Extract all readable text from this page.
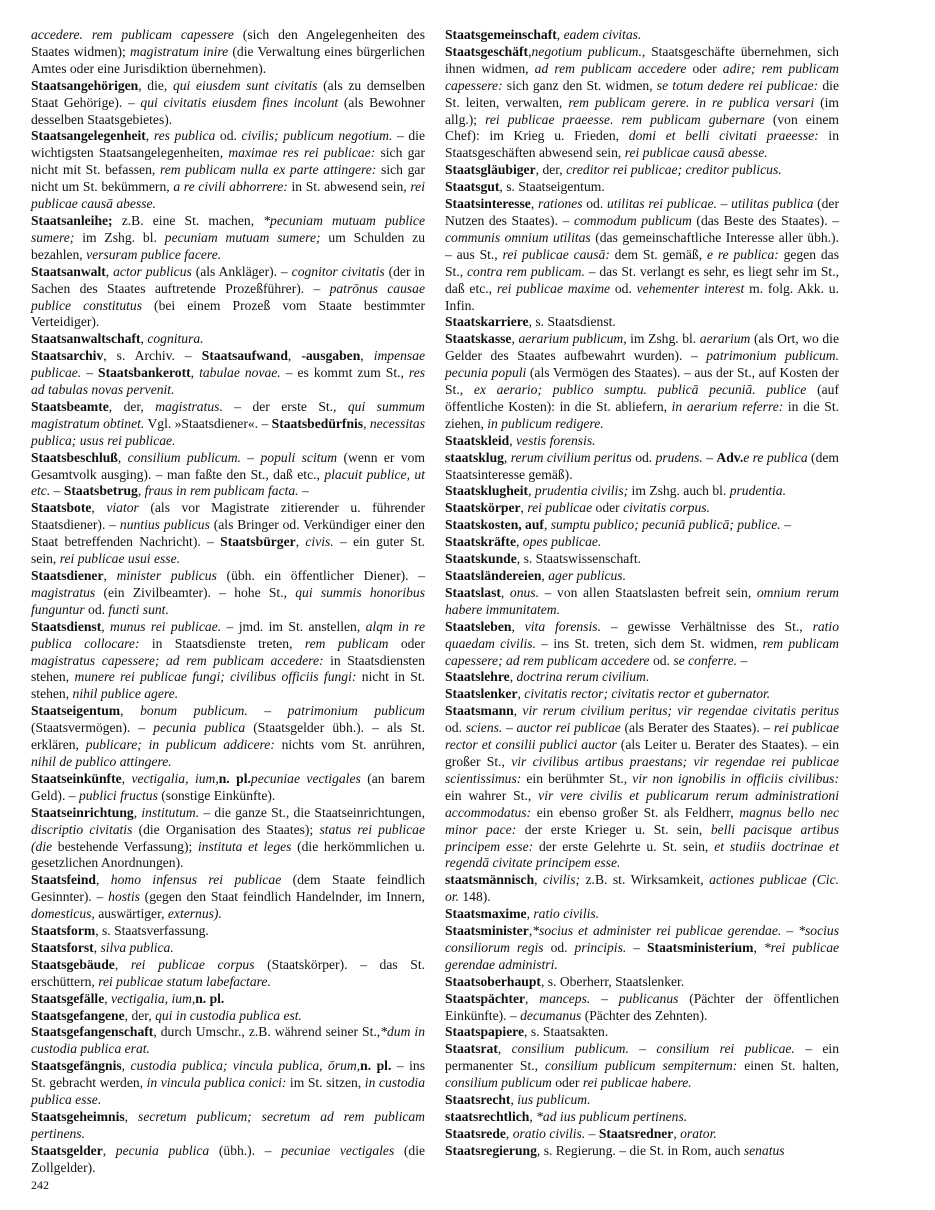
accedere. rem publicam capessere (sich den Angelegenheiten des Staates widmen); magistratum inire (die Verwaltung eines bürgerlichen Amtes oder eine Jurisdiktion übernehmen).

Staatsangehörigen, die, qui eiusdem sunt civitatis (als zu demselben Staat Gehörige). – qui civitatis eiusdem fines incolunt (als Bewohner desselben Staatsgebietes).

Staatsangelegenheit, res publica od. civilis; publicum negotium. – die wichtigsten Staatsangelegenheiten, maximae res rei publicae: sich gar nicht mit St. befassen, rem publicam nulla ex parte attingere: sich gar nicht um St. bekümmern, a re civili abhorrere: in St. abwesend sein, rei publicae causā abesse.

Staatsanleihe; z.B. eine St. machen, *pecuniam mutuam publice sumere; im Zshg. bl. pecuniam mutuam sumere; um Schulden zu bezahlen, versuram publice facere.

Staatsanwalt, actor publicus (als Ankläger). – cognitor civitatis (der in Sachen des Staates auftretende Prozeßführer). – patrōnus causae publice constitutus (bei einem Prozeß vom Staate bestimmter Verteidiger).

Staatsanwaltschaft, cognitura.

Staatsarchiv, s. Archiv. – Staatsaufwand, -ausgaben, impensae publicae. – Staatsbankerott, tabulae novae. – es kommt zum St., res ad tabulas novas pervenit.

Staatsbeamte, der, magistratus. – der erste St., qui summum magistratum obtinet. Vgl. »Staatsdiener«. – Staatsbedürfnis, necessitas publica; usus rei publicae.

Staatsbeschluß, consilium publicum. – populi scitum (wenn er vom Gesamtvolk ausging). – man faßte den St., daß etc., placuit publice, ut etc. – Staatsbetrug, fraus in rem publicam facta. –

Staatsbote, viator (als vor Magistrate zitierender u. führender Staatsdiener). – nuntius publicus (als Bringer od. Verkündiger einer den Staat betreffenden Nachricht). – Staatsbürger, civis. – ein guter St. sein, rei publicae usui esse.

Staatsdiener, minister publicus (übh. ein öffentlicher Diener). – magistratus (ein Zivilbeamter). – hohe St., qui summis honoribus funguntur od. functi sunt.

Staatsdienst, munus rei publicae. – jmd. im St. anstellen, alqm in re publica collocare: in Staatsdienste treten, rem publicam oder magistratus capessere; ad rem publicam accedere: in Staatsdiensten stehen, munere rei publicae fungi; civilibus officiis fungi: nicht in St. stehen, nihil publice agere.

Staatseigentum, bonum publicum. – patrimonium publicum (Staatsvermögen). – pecunia publica (Staatsgelder übh.). – als St. erklären, publicare; in publicum addicere: nichts vom St. anrühren, nihil de publico attingere.

Staatseinkünfte, vectigalia, ium,n. pl.pecuniae vectigales (an barem Geld). – publici fructus (sonstige Einkünfte).

Staatseinrichtung, institutum. – die ganze St., die Staatseinrichtungen, discriptio civitatis (die Organisation des Staates); status rei publicae (die bestehende Verfassung); instituta et leges (die herkömmlichen u. gesetzlichen Anordnungen).

Staatsfeind, homo infensus rei publicae (dem Staate feindlich Gesinnter). – hostis (gegen den Staat feindlich Handelnder, im Innern, domesticus, auswärtiger, externus).

Staatsform, s. Staatsverfassung.

Staatsforst, silva publica.

Staatsgebäude, rei publicae corpus (Staatskörper). – das St. erschüttern, rei publicae statum labefactare.

Staatsgefälle, vectigalia, ium,n. pl.

Staatsgefangene, der, qui in custodia publica est.

Staatsgefangenschaft, durch Umschr., z.B. während seiner St.,*dum in custodia publica erat.

Staatsgefängnis, custodia publica; vincula publica, ōrum,n. pl. – ins St. gebracht werden, in vincula publica conici: im St. sitzen, in custodia publica esse.

Staatsgeheimnis, secretum publicum; secretum ad rem publicam pertinens.

Staatsgelder, pecunia publica (übh.). – pecuniae vectigales (die Zollgelder).

Staatsgemeinschaft, eadem civitas.

Staatsgeschäft,negotium publicum., Staatsgeschäfte übernehmen, sich ihnen widmen, ad rem publicam accedere oder adire; rem publicam capessere: sich ganz den St. widmen, se totum dedere rei publicae: die St. leiten, verwalten, rem publicam gerere. in re publica versari (im allg.); rei publicae praeesse. rem publicam gubernare (von einem Chef): im Krieg u. Frieden, domi et belli civitati praeesse: in Staatsgeschäften abwesend sein, rei publicae causā abesse.

Staatsgläubiger, der, creditor rei publicae; creditor publicus.

Staatsgut, s. Staatseigentum.

Staatsinteresse, rationes od. utilitas rei publicae. – utilitas publica (der Nutzen des Staates). – commodum publicum (das Beste des Staates). – communis omnium utilitas (das gemeinschaftliche Interesse aller übh.). – aus St., rei publicae causā: dem St. gemäß, e re publica: gegen das St., contra rem publicam. – das St. verlangt es sehr, es liegt sehr im St., daß etc., rei publicae maxime od. vehementer interest m. folg. Akk. u. Infin.

Staatskarriere, s. Staatsdienst.

Staatskasse, aerarium publicum, im Zshg. bl. aerarium (als Ort, wo die Gelder des Staates aufbewahrt wurden). – patrimonium publicum. pecunia populi (als Vermögen des Staates). – aus der St., auf Kosten der St., ex aerario; publico sumptu. publicā pecuniā. publice (auf öffentliche Kosten): in die St. abliefern, in aerarium referre: in die St. ziehen, in publicum redigere.

Staatskleid, vestis forensis.

staatsklug, rerum civilium peritus od. prudens. – Adv.e re publica (dem Staatsinteresse gemäß).

Staatsklugheit, prudentia civilis; im Zshg. auch bl. prudentia.

Staatskörper, rei publicae oder civitatis corpus.

Staatskosten, auf, sumptu publico; pecuniā publicā; publice. –

Staatskräfte, opes publicae.

Staatskunde, s. Staatswissenschaft.

Staatsländereien, ager publicus.

Staatslast, onus. – von allen Staatslasten befreit sein, omnium rerum habere immunitatem.

Staatsleben, vita forensis. – gewisse Verhältnisse des St., ratio quaedam civilis. – ins St. treten, sich dem St. widmen, rem publicam capessere; ad rem publicam accedere od. se conferre. –

Staatslehre, doctrina rerum civilium.

Staatslenker, civitatis rector; civitatis rector et gubernator.

Staatsmann, vir rerum civilium peritus; vir regendae civitatis peritus od. sciens. – auctor rei publicae (als Berater des Staates). – rei publicae rector et consilii publici auctor (als Leiter u. Berater des Staates). – ein großer St., vir civilibus artibus praestans; vir regendae rei publicae scientissimus: ein berühmter St., vir non ignobilis in officiis civilibus: ein wahrer St., vir vere civilis et publicarum rerum administrationi accommodatus: ein ebenso großer St. als Feldherr, magnus bello nec minor pace: der erste Krieger u. St. sein, belli pacisque artibus principem esse: der erste Gelehrte u. St. sein, et studiis doctrinae et regendā civitate principem esse.

staatsmännisch, civilis; z.B. st. Wirksamkeit, actiones publicae (Cic. or. 148).

Staatsmaxime, ratio civilis.

Staatsminister,*socius et administer rei publicae gerendae. – *socius consiliorum regis od. principis. – Staatsministerium, *rei publicae gerendae administri.

Staatsoberhaupt, s. Oberherr, Staatslenker.

Staatspächter, manceps. – publicanus (Pächter der öffentlichen Einkünfte). – decumanus (Pächter des Zehnten).

Staatspapiere, s. Staatsakten.

Staatsrat, consilium publicum. – consilium rei publicae. – ein permanenter St., consilium publicum sempiternum: einen St. halten, consilium publicum oder rei publicae habere.

Staatsrecht, ius publicum.

staatsrechtlich, *ad ius publicum pertinens.

Staatsrede, oratio civilis. – Staatsredner, orator.

Staatsregierung, s. Regierung. – die St. in Rom, auch senatus

242
